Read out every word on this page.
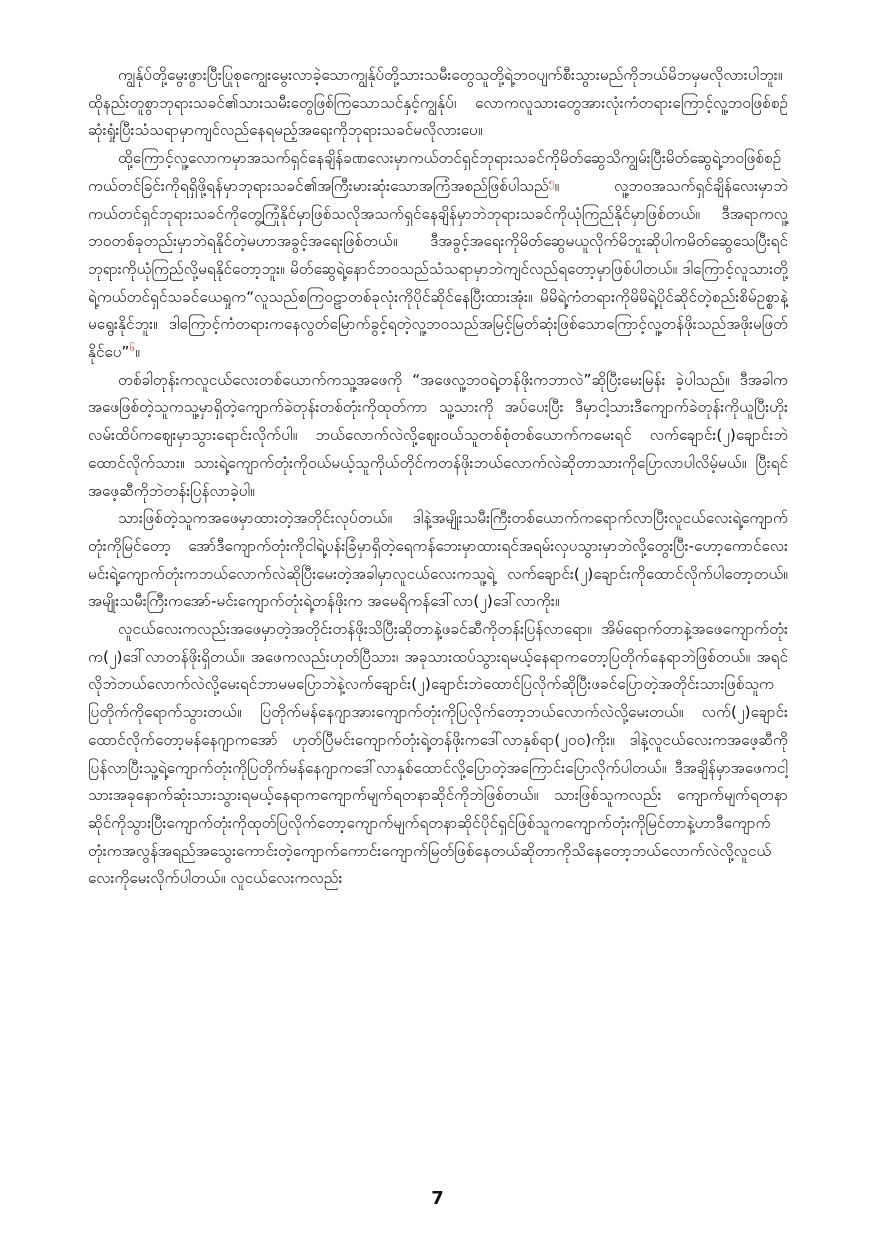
ကျွန်ုပ်တို့မွေးဖွားပြီးပြုစုကျွေးမွေးလာခဲ့သောကျွန်ုပ်တို့သားသမီးတွေသူတို့ရဲ့ဘဝပျက်စီးသွားမည်ကိုဘယ်မိဘမှမလိုလားပါဘူး။ ထိုနည်းတူစွာဘုရားသခင်၏သားသမီးတွေဖြစ်ကြသောသင်နှင့်ကျွန်ုပ်၊ လောကလူသားတွေအားလုံးကံတရားကြောင့်လူ့ဘဝဖြစ်စဉ်ဆုံးရှုံးပြီးသံသရာမှာကျင်လည်နေရမည့်အရေးကိုဘုရားသခင်မလိုလားပေ။

ထို့ကြောင့်လူ့လောကမှာအသက်ရှင်နေချိန်ခဏလေးမှာကယ်တင်ရှင်ဘုရားသခင်ကိုမိတ်ဆွေသိကျွမ်းပြီးမိတ်ဆွေရဲ့ဘဝဖြစ်စဉ်ကယ်တင်ခြင်းကိုရရှိဖို့ရန်မှာဘုရားသခင်၏အကြီးမားဆုံးသောအကြံအစည်ဖြစ်ပါသည်$^၅$။ လူ့ဘဝအသက်ရှင်ချိန်လေးမှာဘဲကယ်တင်ရှင်ဘုရားသခင်ကိုတွေ့ကြုံနိုင်မှာဖြစ်သလိုအသက်ရှင်နေချိန်မှာဘဲဘုရားသခင်ကိုယုံကြည်နိုင်မှာဖြစ်တယ်။ ဒီအရာကလူ့ဘဝတစ်ခုတည်းမှာဘဲရနိုင်တဲ့မဟာအခွင့်အရေးဖြစ်တယ်။ ဒီအခွင့်အရေးကိုမိတ်ဆွေမယူလိုက်မိဘူးဆိုပါကမိတ်ဆွေသေပြီးရင်ဘုရားကိုယုံကြည်လို့မရနိုင်တော့ဘူး။ မိတ်ဆွေရဲ့နောင်ဘဝသည်သံသရာမှာဘဲကျင်လည်ရတော့မှာဖြစ်ပါတယ်။ ဒါကြောင့်လူသားတို့ရဲ့ကယ်တင်ရှင်သခင်ယေရှုက“လူသည်စကြဝဠာတစ်ခုလုံးကိုပိုင်ဆိုင်နေပြီးထားအုံး။ မိမိရဲ့ကံတရားကိုမိမိရဲ့ပိုင်ဆိုင်တဲ့စည်းစိမ်ဥစ္စာနဲ့မရွေးနိုင်ဘူး။ ဒါကြောင့်ကံတရားကနေလွတ်မြောက်ခွင့်ရတဲ့လူ့ဘဝသည်အမြင့်မြတ်ဆုံးဖြစ်သောကြောင့်လူ့တန်ဖိုးသည်အဖိုးမဖြတ်နိုင်ပေ”$^၆$။

တစ်ခါတုန်းကလူငယ်လေးတစ်ယောက်ကသူ့အဖေကို “အဖေလူ့ဘဝရဲ့တန်ဖိုးကဘာလဲ”ဆိုပြီးမေးမြန်း ခဲ့ပါသည်။ ဒီအခါကအဖေဖြစ်တဲ့သူကသူ့မှာရှိတဲ့ကျောက်ခဲတုန်းတစ်တုံးကိုထုတ်ကာ သူ့သားကို အပ်ပေးပြီး ဒီမှာငါ့သားဒီကျောက်ခဲတုန်းကိုယူပြီးဟိုးလမ်းထိပ်ကဈေးမှာသွားရောင်းလိုက်ပါ။ ဘယ်လောက်လဲလို့ဈေးဝယ်သူတစ်စုံတစ်ယောက်ကမေးရင် လက်ချောင်း(၂)ချောင်းဘဲထောင်လိုက်သား။ သားရဲ့ကျောက်တုံးကိုဝယ်မယ့်သူကိုယ်တိုင်ကတန်ဖိုးဘယ်လောက်လဲဆိုတာသားကိုပြောလာပါလိမ့်မယ်။ ပြီးရင်အဖေ့ဆီကိုဘဲတန်းပြန်လာခဲ့ပါ။

သားဖြစ်တဲ့သူကအဖေမှာထားတဲ့အတိုင်းလုပ်တယ်။ ဒါနဲ့အမျိုးသမီးကြီးတစ်ယောက်ကရောက်လာပြီးလူငယ်လေးရဲ့ကျောက်တုံးကိုမြင်တော့ အော်ဒီကျောက်တုံးကိုငါရဲ့ပန်းခြံမှာရှိတဲ့ရေကန်ဘေးမှာထားရင်အရမ်းလှပသွားမှာဘဲလို့တွေးပြီး-ဟော့ကောင်လေးမင်းရဲ့ကျောက်တုံးကဘယ်လောက်လဲဆိုပြီးမေးတဲ့အခါမှာလူငယ်လေးကသူ့ရဲ့ လက်ချောင်း(၂)ချောင်းကိုထောင်လိုက်ပါတော့တယ်။ အမျိုးသမီးကြီးကအော်-မင်းကျောက်တုံးရဲ့တန်ဖိုးက အမေရိကန်ဒေါ်လာ(၂)ဒေါ်လာကိုး။

လူငယ်လေးကလည်းအဖေမှာတဲ့အတိုင်းတန်ဖိုးသိပြီးဆိုတာနဲ့ဖခင်ဆီကိုတန်းပြန်လာရော။ အိမ်ရောက်တာနဲ့အဖေကျောက်တုံးက(၂)ဒေါ်လာတန်ဖိုးရှိတယ်။ အဖေကလည်းဟုတ်ပြီသား၊ အခုသားထပ်သွားရမယ့်နေရာကတော့ပြတိုက်နေရာဘဲဖြစ်တယ်။ အရင်လိုဘဲဘယ်လောက်လဲလို့မေးရင်ဘာမမပြောဘဲနဲ့လက်ချောင်း(၂)ချောင်းဘဲထောင်ပြလိုက်ဆိုပြီးဖခင်ပြောတဲ့အတိုင်းသားဖြစ်သူကပြတိုက်ကိုရောက်သွားတယ်။ ပြတိုက်မန်နေဂျာအားကျောက်တုံးကိုပြလိုက်တော့ဘယ်လောက်လဲလို့မေးတယ်။ လက်(၂)ချောင်းထောင်လိုက်တော့မန်နေဂျာကအော် ဟုတ်ပြီမင်းကျောက်တုံးရဲ့တန်ဖိုးကဒေါ်လာနှစ်ရာ(၂၀၀)ကိုး။ ဒါနဲ့လူငယ်လေးကအဖေ့ဆီကိုပြန်လာပြီးသူ့ရဲ့ကျောက်တုံးကိုပြတိုက်မန်နေဂျာကဒေါ်လာနှစ်ထောင်လို့ပြောတဲ့အကြောင်းပြောလိုက်ပါတယ်။ ဒီအချိန်မှာအဖေကငါ့သားအခုနောက်ဆုံးသားသွားရမယ့်နေရာကကျောက်မျက်ရတနာဆိုင်ကိုဘဲဖြစ်တယ်။ သားဖြစ်သူကလည်း ကျောက်မျက်ရတနာဆိုင်ကိုသွားပြီးကျောက်တုံးကိုထုတ်ပြလိုက်တော့ကျောက်မျက်ရတနာဆိုင်ပိုင်ရှင်ဖြစ်သူကကျောက်တုံးကိုမြင်တာနဲ့ဟာဒီကျောက်တုံးကအလွန်အရည်အသွေးကောင်းတဲ့ကျောက်ကောင်းကျောက်မြတ်ဖြစ်နေတယ်ဆိုတာကိုသိနေတော့ဘယ်လောက်လဲလို့လူငယ်လေးကိုမေးလိုက်ပါတယ်။ လူငယ်လေးကလည်း

7
